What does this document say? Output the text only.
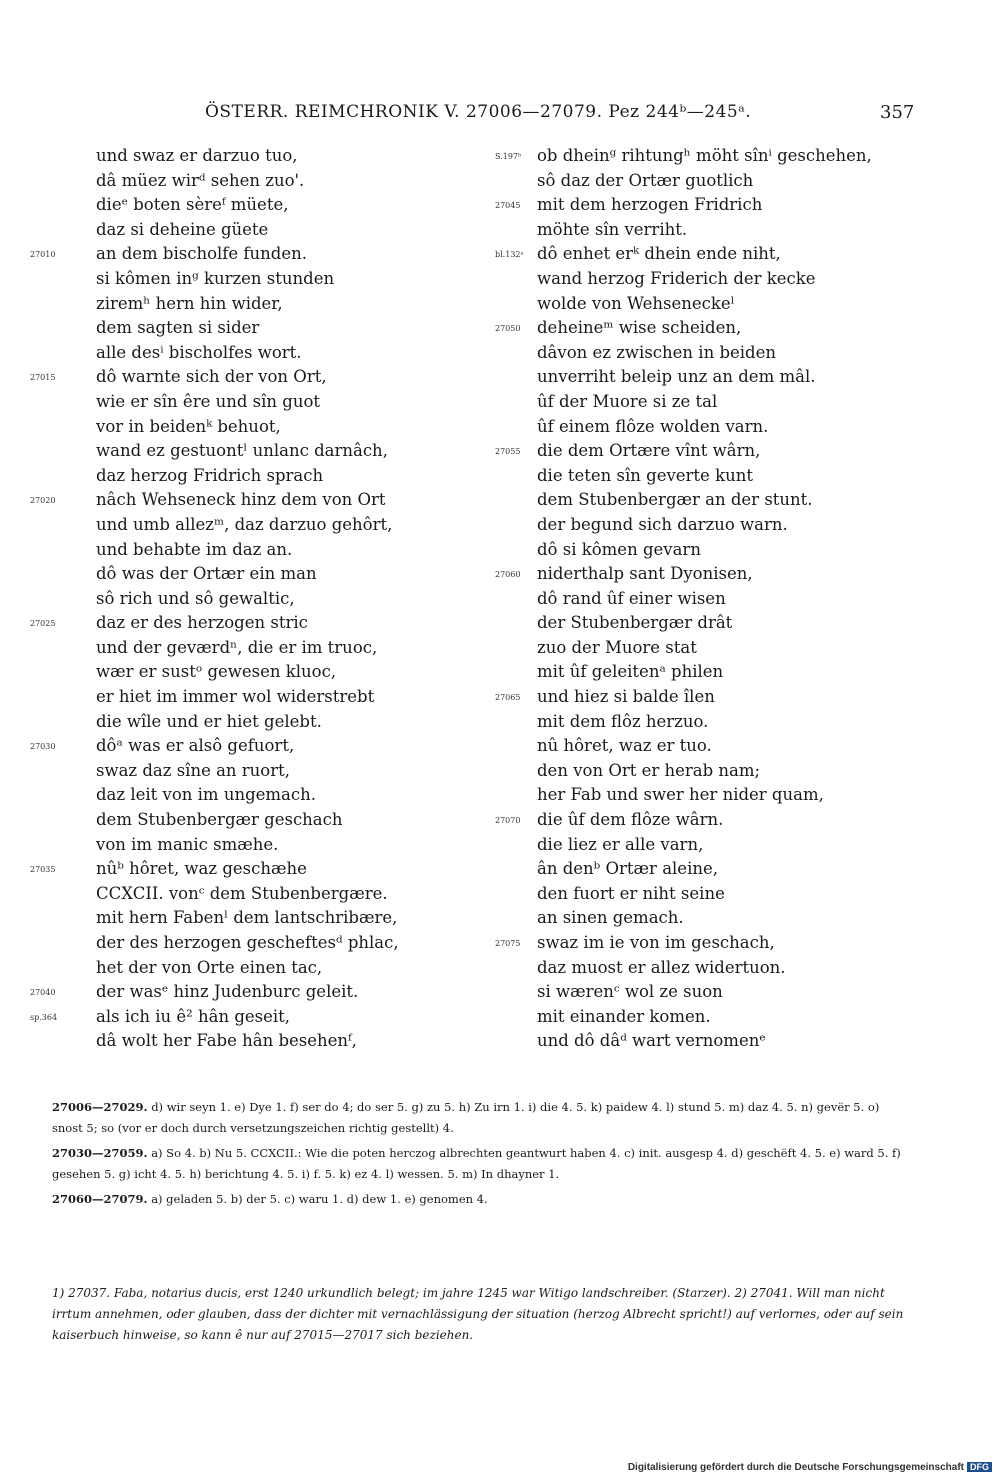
ÖSTERR. REIMCHRONIK V. 27006—27079. Pez 244ᵇ—245ᵃ.	357
und swaz er darzuo tuo,
dâ müez wirᵈ sehen zuo'.
dieᵉ boten sèreᶠ müete,
daz si deheine güete
27010	an dem bischolfe funden.
si kômen inᵍ kurzen stunden
ziremʰ hern hin wider,
dem sagten si sider
alle desⁱ bischolfes wort.
27015	dô warnte sich der von Ort,
wie er sîn êre und sîn guot
vor in beidenᵏ behuot,
wand ez gestuontˡ unlanc darnâch,
daz herzog Fridrich sprach
27020	nâch Wehseneck hinz dem von Ort
und umb allezᵐ, daz darzuo gehôrt,
und behabte im daz an.
dô was der Ortær ein man
sô rich und sô gewaltic,
27025	daz er des herzogen stric
und der geværdⁿ, die er im truoc,
wær er sustᵒ gewesen kluoc,
er hiet im immer wol widerstrebt
die wîle und er hiet gelebt.
27030	dôᵃ was er alsô gefuort,
swaz daz sîne an ruort,
daz leit von im ungemach.
dem Stubenbergær geschach
von im manic smæhe.
27035	nûᵇ hôret, waz geschæhe
CCXCII. vonᶜ dem Stubenbergære.
mit hern Fabenˡ dem lantschribære,
der des herzogen gescheftesᵈ phlac,
het der von Orte einen tac,
27040	der wasᵉ hinz Judenburc geleit.
sp.364	als ich iu ê² hân geseit,
dâ wolt her Fabe hân besehenᶠ,
S.197ᵇ ob dheinᵍ rihtungʰ möht sînⁱ geschehen,
sô daz der Ortær guotlich
27045	mit dem herzogen Fridrich
möhte sîn verriht.
bl.132ᵃ dô enhet erᵏ dhein ende niht,
wand herzog Friderich der kecke
wolde von Wehseneckeˡ
27050	deheineᵐ wise scheiden,
dâvon ez zwischen in beiden
unverriht beleip unz an dem mâl.
ûf der Muore si ze tal
ûf einem flôze wolden varn.
27055	die dem Ortære vînt wârn,
die teten sîn geverte kunt
dem Stubenbergær an der stunt.
der begund sich darzuo warn.
dô si kômen gevarn
27060	niderthalp sant Dyonisen,
dô rand ûf einer wisen
der Stubenbergær drât
zuo der Muore stat
mit ûf geleitenᵃ philen
27065	und hiez si balde îlen
mit dem flôz herzuo.
nû hôret, waz er tuo.
den von Ort er herab nam;
her Fab und swer her nider quam,
27070	die ûf dem flôze wârn.
die liez er alle varn,
ân denᵇ Ortær aleine,
den fuort er niht seine
an sinen gemach.
27075	swaz im ie von im geschach,
daz muost er allez widertuon.
si wærenᶜ wol ze suon
mit einander komen.
und dô dâᵈ wart vernomenᵉ

27006—27029. d) wir seyn 1. e) Dye 1. f) ser do 4; do ser 5. g) zu 5. h) Zu irn 1. i) die 4. 5. k) paidew 4. l) stund 5. m) daz 4. 5. n) gevër 5. o) snost 5; so (vor er doch durch versetzungszeichen richtig gestellt) 4.

27030—27059. a) So 4. b) Nu 5. CCXCII.: Wie die poten herczog albrechten geantwurt haben 4. c) init. ausgesp 4. d) geschëft 4. 5. e) ward 5. f) gesehen 5. g) icht 4. 5. h) berichtung 4. 5. i) f. 5. k) ez 4. l) wessen. 5. m) In dhayner 1.

27060—27079. a) geladen 5. b) der 5. c) waru 1. d) dew 1. e) genomen 4.

1) 27037. Faba, notarius ducis, erst 1240 urkundlich belegt; im jahre 1245 war Witigo landschreiber. (Starzer). 2) 27041. Will man nicht irrtum annehmen, oder glauben, dass der dichter mit vernachlässigung der situation (herzog Albrecht spricht!) auf verlornes, oder auf sein kaiserbuch hinweise, so kann ê nur auf 27015—27017 sich beziehen.

Digitalisierung gefördert durch die Deutsche Forschungsgemeinschaft DFG
